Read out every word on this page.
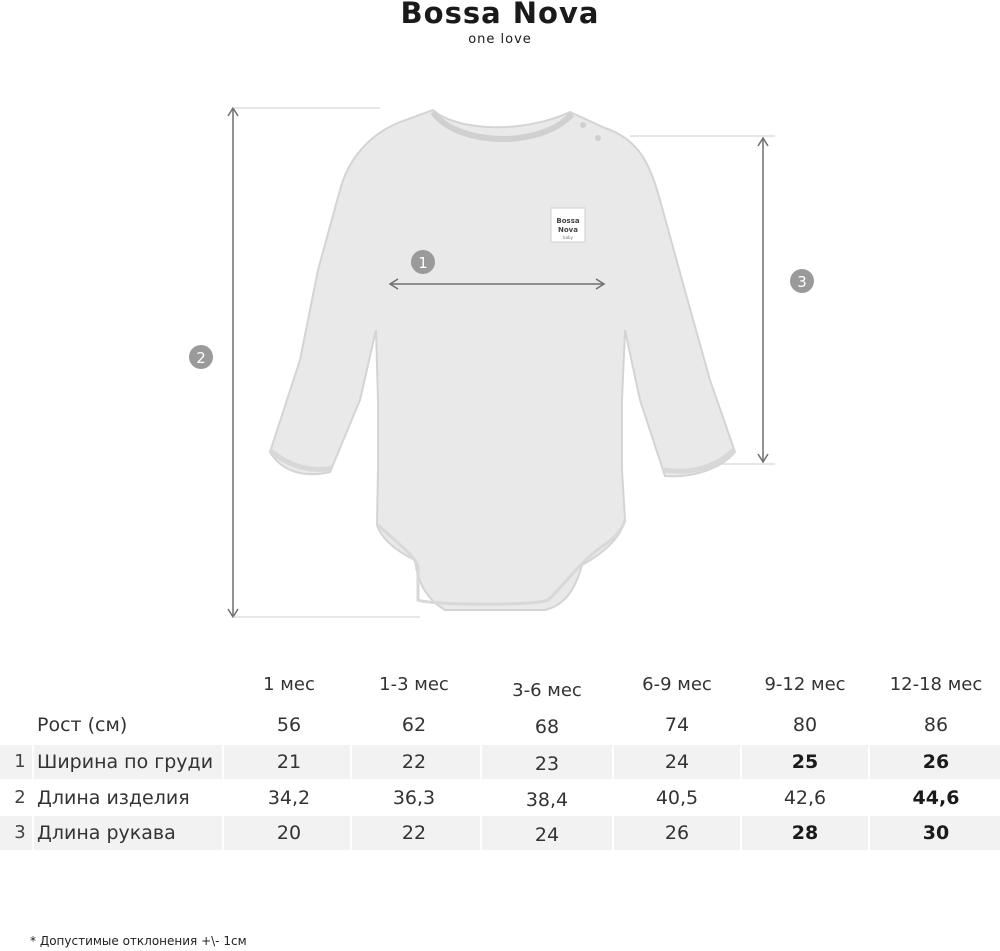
Bossa Nova
one love
Bossa
Nova
baby
1
2
3
1 мес	1-3 мес	3-6 мес	6-9 мес	9-12 мес	12-18 мес
Рост (см)	56	62	68	74	80	86
1 Ширина по груди	21	22	23	24	25	26
2 Длина изделия	34,2	36,3	38,4	40,5	42,6	44,6
3 Длина рукава	20	22	24	26	28	30
* Допустимые отклонения +\- 1см
